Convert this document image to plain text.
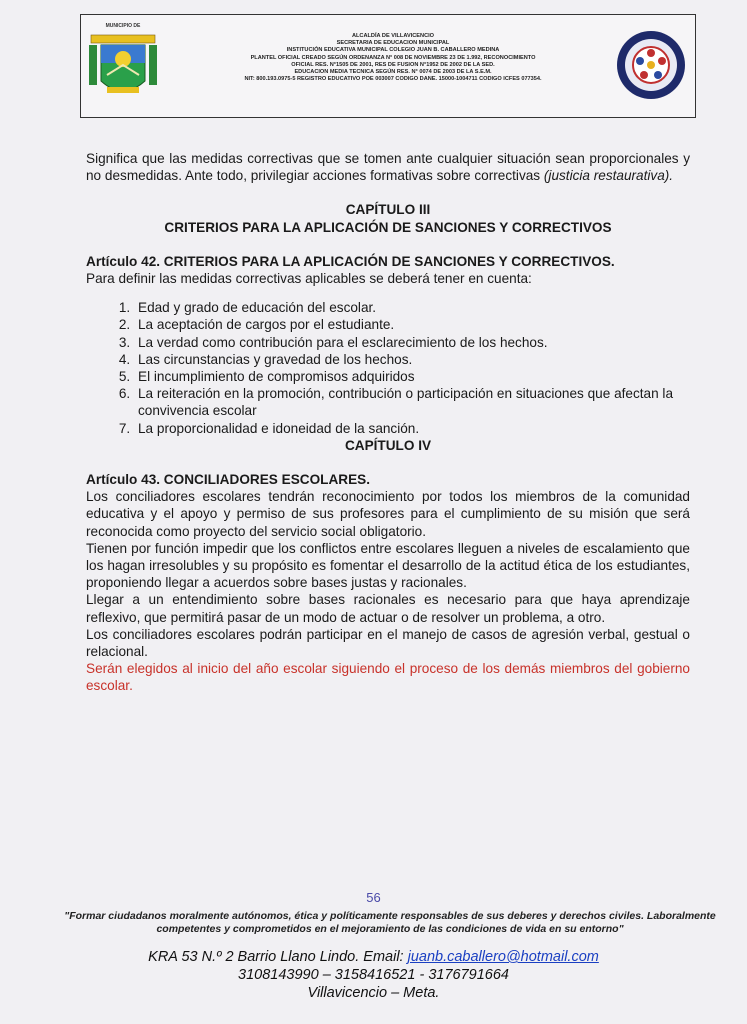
MUNICIPIO DE
ALCALDÍA DE VILLAVICENCIO
SECRETARIA DE EDUCACION MUNICIPAL
INSTITUCIÓN EDUCATIVA MUNICIPAL COLEGIO JUAN B. CABALLERO MEDINA
PLANTEL OFICIAL CREADO SEGÚN ORDENANZA N° 008 DE NOVIEMBRE 23 DE 1.992, RECONOCIMIENTO
OFICIAL RES. N°1505 DE 2001, RES DE FUSION N°1952 DE 2002 DE LA SED.
EDUCACION MEDIA TECNICA SEGÚN RES. N° 0074 DE 2003 DE LA S.E.M.
NIT: 800.193.0975-5 REGISTRO EDUCATIVO POE 003007 CODIGO DANE. 15000-1004711 CODIGO ICFES 077354.

Significa que las medidas correctivas que se tomen ante cualquier situación sean proporcionales y no desmedidas. Ante todo, privilegiar acciones formativas sobre correctivas (justicia restaurativa).

CAPÍTULO III

CRITERIOS PARA LA APLICACIÓN DE SANCIONES Y CORRECTIVOS

Artículo 42. CRITERIOS PARA LA APLICACIÓN DE SANCIONES Y CORRECTIVOS.

Para definir las medidas correctivas aplicables se deberá tener en cuenta:

1. Edad y grado de educación del escolar.
2. La aceptación de cargos por el estudiante.
3. La verdad como contribución para el esclarecimiento de los hechos.
4. Las circunstancias y gravedad de los hechos.
5. El incumplimiento de compromisos adquiridos
6. La reiteración en la promoción, contribución o participación en situaciones que afectan la convivencia escolar
7. La proporcionalidad e idoneidad de la sanción.

CAPÍTULO IV

Artículo 43. CONCILIADORES ESCOLARES.

Los conciliadores escolares tendrán reconocimiento por todos los miembros de la comunidad educativa y el apoyo y permiso de sus profesores para el cumplimiento de su misión que será reconocida como proyecto del servicio social obligatorio.

Tienen por función impedir que los conflictos entre escolares lleguen a niveles de escalamiento que los hagan irresolubles y su propósito es fomentar el desarrollo de la actitud ética de los estudiantes, proponiendo llegar a acuerdos sobre bases justas y racionales.

Llegar a un entendimiento sobre bases racionales es necesario para que haya aprendizaje reflexivo, que permitirá pasar de un modo de actuar o de resolver un problema, a otro.

Los conciliadores escolares podrán participar en el manejo de casos de agresión verbal, gestual o relacional.

Serán elegidos al inicio del año escolar siguiendo el proceso de los demás miembros del gobierno escolar.

56
"Formar ciudadanos moralmente autónomos, ética y políticamente responsables de sus deberes y derechos civiles. Laboralmente competentes y comprometidos en el mejoramiento de las condiciones de vida en su entorno"
KRA 53 N.º 2 Barrio Llano Lindo. Email: juanb.caballero@hotmail.com
3108143990 – 3158416521 - 3176791664
Villavicencio – Meta.
